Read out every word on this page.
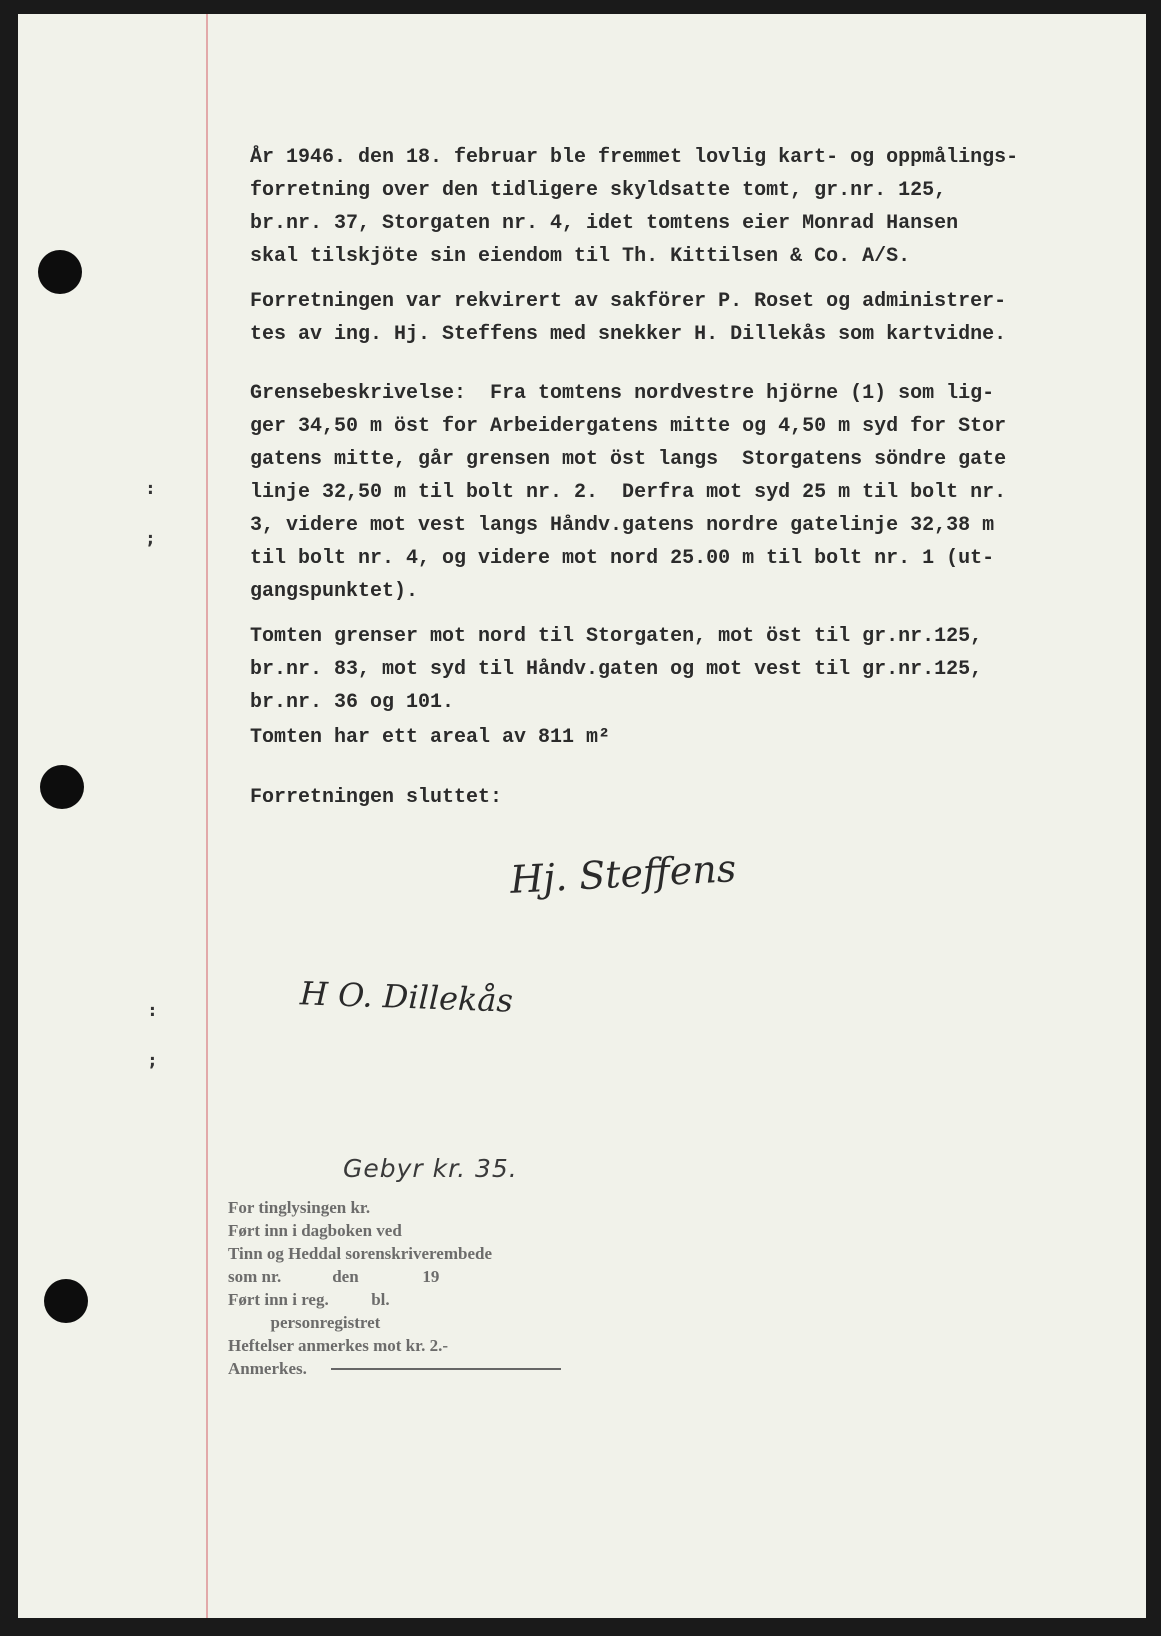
:
;
:
;
År 1946. den 18. februar ble fremmet lovlig kart- og oppmålings-
forretning over den tidligere skyldsatte tomt, gr.nr. 125,
br.nr. 37, Storgaten nr. 4, idet tomtens eier Monrad Hansen
skal tilskjöte sin eiendom til Th. Kittilsen & Co. A/S.
Forretningen var rekvirert av sakförer P. Roset og administrer-
tes av ing. Hj. Steffens med snekker H. Dillekås som kartvidne.
Grensebeskrivelse:  Fra tomtens nordvestre hjörne (1) som lig-
ger 34,50 m öst for Arbeidergatens mitte og 4,50 m syd for Stor
gatens mitte, går grensen mot öst langs  Storgatens söndre gate
linje 32,50 m til bolt nr. 2.  Derfra mot syd 25 m til bolt nr.
3, videre mot vest langs Håndv.gatens nordre gatelinje 32,38 m
til bolt nr. 4, og videre mot nord 25.00 m til bolt nr. 1 (ut-
gangspunktet).
Tomten grenser mot nord til Storgaten, mot öst til gr.nr.125,
br.nr. 83, mot syd til Håndv.gaten og mot vest til gr.nr.125,
br.nr. 36 og 101.
Tomten har ett areal av 811 m²
Forretningen sluttet:
Hj. Steffens
H O. Dillekås
Gebyr kr. 35.
For tinglysingen kr.
Ført inn i dagboken ved
Tinn og Heddal sorenskriverembede
som nr.            den               19
Ført inn i reg.          bl.
personregistret
Heftelser anmerkes mot kr. 2.-
Anmerkes.
